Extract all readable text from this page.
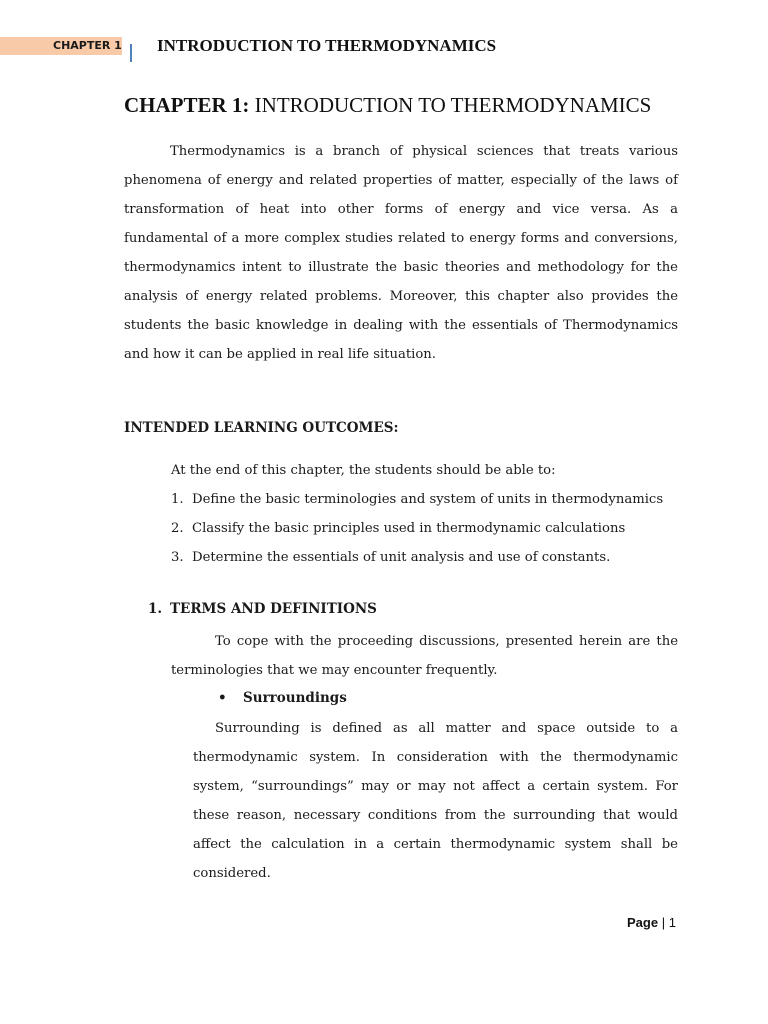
CHAPTER 1 INTRODUCTION TO THERMODYNAMICS
CHAPTER 1: INTRODUCTION TO THERMODYNAMICS

Thermodynamics is a branch of physical sciences that treats various phenomena of energy and related properties of matter, especially of the laws of transformation of heat into other forms of energy and vice versa. As a fundamental of a more complex studies related to energy forms and conversions, thermodynamics intent to illustrate the basic theories and methodology for the analysis of energy related problems. Moreover, this chapter also provides the students the basic knowledge in dealing with the essentials of Thermodynamics and how it can be applied in real life situation.

INTENDED LEARNING OUTCOMES:
At the end of this chapter, the students should be able to:
1. Define the basic terminologies and system of units in thermodynamics
2. Classify the basic principles used in thermodynamic calculations
3. Determine the essentials of unit analysis and use of constants.
1. TERMS AND DEFINITIONS

To cope with the proceeding discussions, presented herein are the terminologies that we may encounter frequently.

• Surroundings

Surrounding is defined as all matter and space outside to a thermodynamic system. In consideration with the thermodynamic system, “surroundings” may or may not affect a certain system. For these reason, necessary conditions from the surrounding that would affect the calculation in a certain thermodynamic system shall be considered.

Page | 1
